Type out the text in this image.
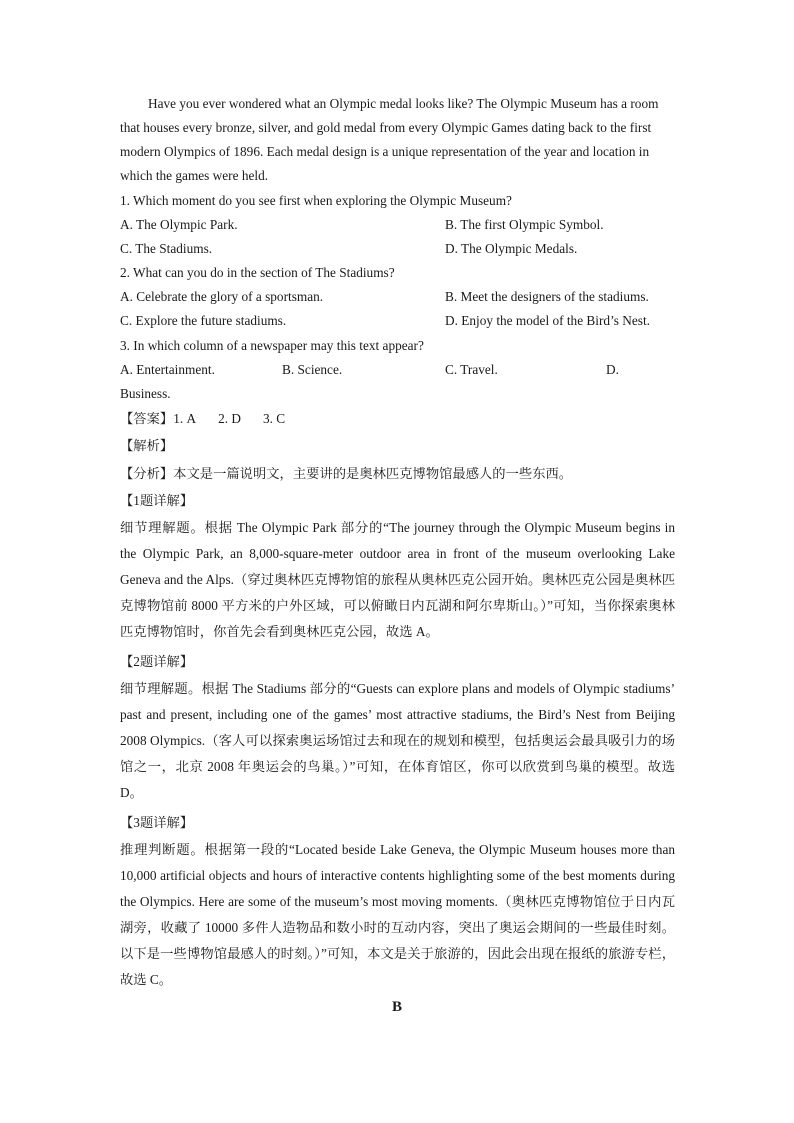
Have you ever wondered what an Olympic medal looks like? The Olympic Museum has a room that houses every bronze, silver, and gold medal from every Olympic Games dating back to the first modern Olympics of 1896. Each medal design is a unique representation of the year and location in which the games were held.
1. Which moment do you see first when exploring the Olympic Museum?
A. The Olympic Park.	B. The first Olympic Symbol.
C. The Stadiums.	D. The Olympic Medals.
2. What can you do in the section of The Stadiums?
A. Celebrate the glory of a sportsman.	B. Meet the designers of the stadiums.
C. Explore the future stadiums.	D. Enjoy the model of the Bird’s Nest.
3. In which column of a newspaper may this text appear?
A. Entertainment.	B. Science.	C. Travel.	D.
Business.
【答案】1. A 2. D 3. C
【解析】
【分析】本文是一篇说明文，主要讲的是奥林匹克博物馆最感人的一些东西。
【1题详解】
细节理解题。根据 The Olympic Park 部分的“The journey through the Olympic Museum begins in the Olympic Park, an 8,000-square-meter outdoor area in front of the museum overlooking Lake Geneva and the Alps.（穿过奥林匹克博物馆的旅程从奥林匹克公园开始。奥林匹克公园是奥林匹克博物馆前 8000 平方米的户外区域，可以俯瞰日内瓦湖和阿尔卑斯山。）”可知，当你探索奥林匹克博物馆时，你首先会看到奥林匹克公园，故选 A。
【2题详解】
细节理解题。根据 The Stadiums 部分的“Guests can explore plans and models of Olympic stadiums’ past and present, including one of the games’ most attractive stadiums, the Bird’s Nest from Beijing 2008 Olympics.（客人可以探索奥运场馆过去和现在的规划和模型，包括奥运会最具吸引力的场馆之一，北京 2008 年奥运会的鸟巢。）”可知，在体育馆区，你可以欣赏到鸟巢的模型。故选 D。
【3题详解】
推理判断题。根据第一段的“Located beside Lake Geneva, the Olympic Museum houses more than 10,000 artificial objects and hours of interactive contents highlighting some of the best moments during the Olympics. Here are some of the museum’s most moving moments.（奥林匹克博物馆位于日内瓦湖旁，收藏了 10000 多件人造物品和数小时的互动内容，突出了奥运会期间的一些最佳时刻。以下是一些博物馆最感人的时刻。）”可知，本文是关于旅游的，因此会出现在报纸的旅游专栏，故选 C。
B
